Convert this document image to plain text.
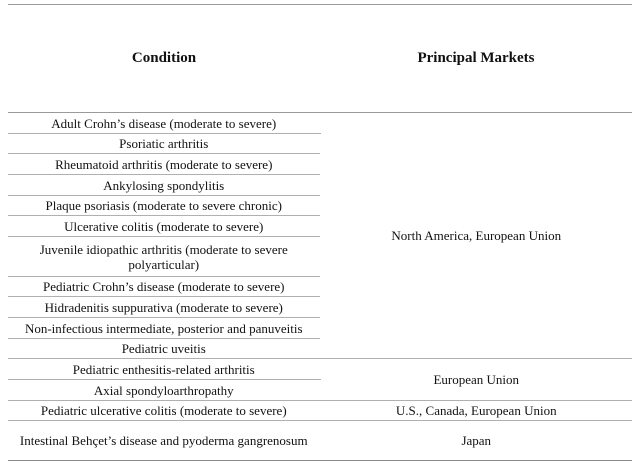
Condition	Principal Markets
Adult Crohn’s disease (moderate to severe)	North America, European Union
Psoriatic arthritis	
Rheumatoid arthritis (moderate to severe)	
Ankylosing spondylitis	
Plaque psoriasis (moderate to severe chronic)	
Ulcerative colitis (moderate to severe)	
Juvenile idiopathic arthritis (moderate to severe polyarticular)	
Pediatric Crohn’s disease (moderate to severe)	
Hidradenitis suppurativa (moderate to severe)	
Non-infectious intermediate, posterior and panuveitis	
Pediatric uveitis	
Pediatric enthesitis-related arthritis	European Union
Axial spondyloarthropathy	
Pediatric ulcerative colitis (moderate to severe)	U.S., Canada, European Union
Intestinal Behçet’s disease and pyoderma gangrenosum	Japan
